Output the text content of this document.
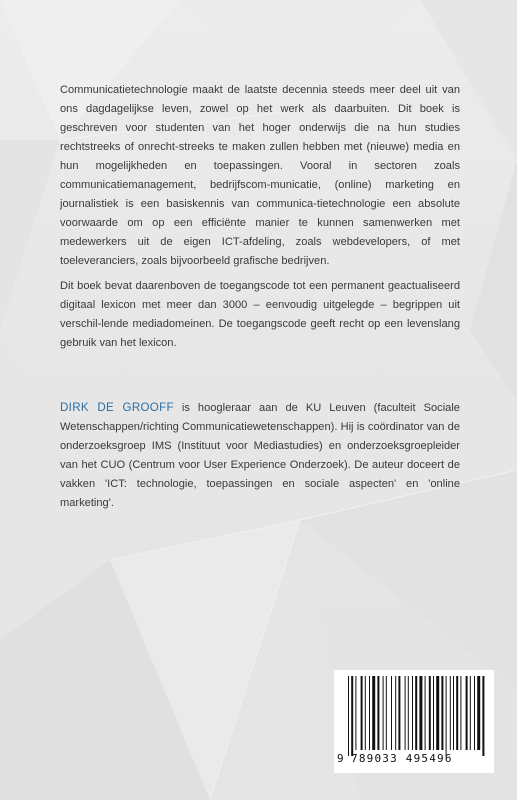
Communicatietechnologie maakt de laatste decennia steeds meer deel uit van ons dagdagelijkse leven, zowel op het werk als daarbuiten. Dit boek is geschreven voor studenten van het hoger onderwijs die na hun studies rechtstreeks of onrecht-streeks te maken zullen hebben met (nieuwe) media en hun mogelijkheden en toepassingen. Vooral in sectoren zoals communicatiemanagement, bedrijfscom-municatie, (online) marketing en journalistiek is een basiskennis van communica-tietechnologie een absolute voorwaarde om op een efficiënte manier te kunnen samenwerken met medewerkers uit de eigen ICT-afdeling, zoals webdevelopers, of met toeleveranciers, zoals bijvoorbeeld grafische bedrijven.

Dit boek bevat daarenboven de toegangscode tot een permanent geactualiseerd digitaal lexicon met meer dan 3000 – eenvoudig uitgelegde – begrippen uit verschil-lende mediadomeinen. De toegangscode geeft recht op een levenslang gebruik van het lexicon.

DIRK DE GROOFF is hoogleraar aan de KU Leuven (faculteit Sociale Wetenschappen/richting Communicatiewetenschappen). Hij is coördinator van de onderzoeksgroep IMS (Instituut voor Mediastudies) en onderzoeksgroepleider van het CUO (Centrum voor User Experience Onderzoek). De auteur doceert de vakken 'ICT: technologie, toepassingen en sociale aspecten' en 'online marketing'.

9 789033 495496
